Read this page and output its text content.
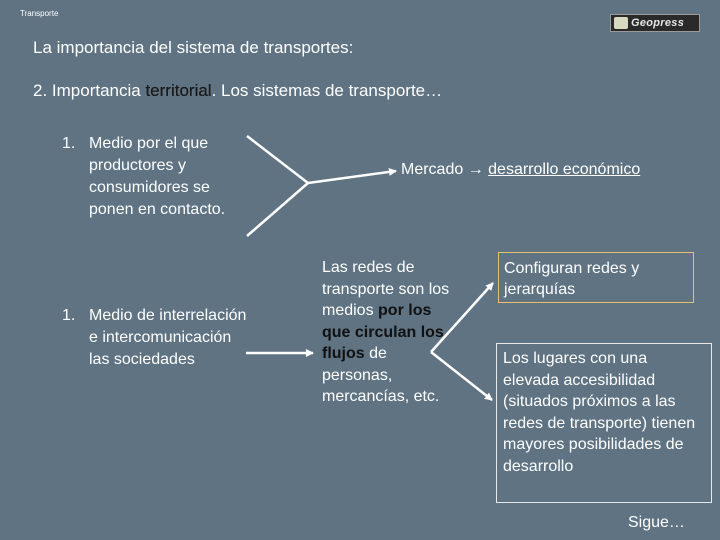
Transporte
Geopress
La importancia del sistema de transportes:
2. Importancia territorial. Los sistemas de transporte…
1. Medio por el que productores y consumidores se ponen en contacto.
1. Medio de interrelación e intercomunicación las sociedades
Mercado → desarrollo económico
Las redes de transporte son los medios por los que circulan los flujos de personas, mercancías, etc.
Configuran redes y jerarquías
Los lugares con una elevada accesibilidad (situados próximos a las redes de transporte) tienen mayores posibilidades de desarrollo
Sigue…
